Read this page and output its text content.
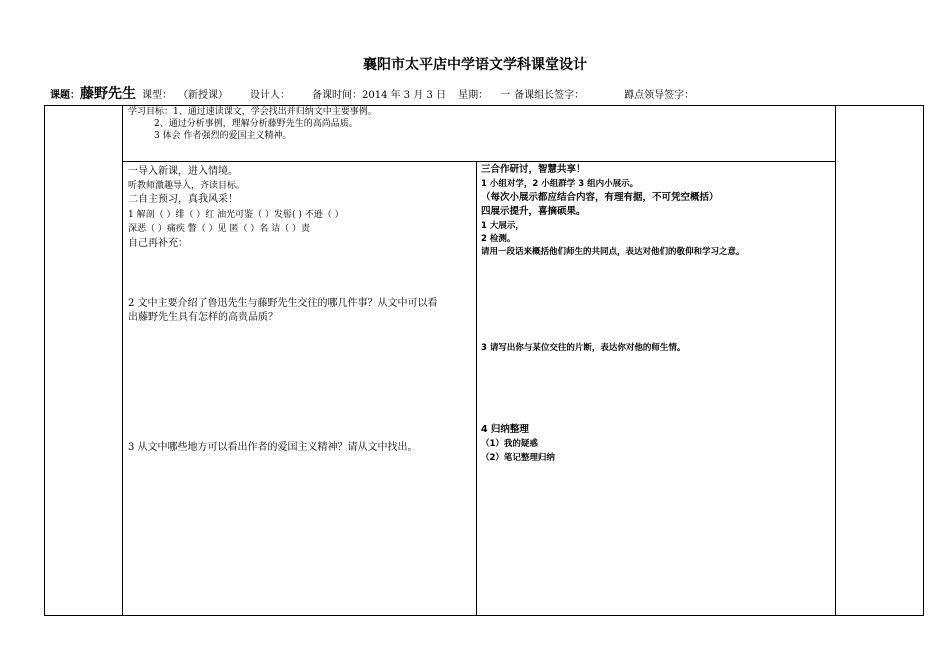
襄阳市太平店中学语文学科课堂设计
课题：藤野先生 课型： （新授课） 设计人： 备课时间：2014 年 3 月 3 日 星期： 一 备课组长签字：	蹲点领导签字：
学习目标：1、通过速读课文，学会找出并归纳文中主要事例。
2、通过分析事例，理解分析藤野先生的高尚品质。
3 体会 作者强烈的爱国主义精神。
一导入新课，进入情境。
听教师激趣导入，齐读目标。
二自主预习，真我风采！
1 解剖（ ）绯（ ）红 油光可鉴（ ）发髻( ) 不逊（ ）
深恶（ ）痛疾 瞥（ ）见 匿（ ）名 诘（ ）责
自己再补充：
2 文中主要介绍了鲁迅先生与藤野先生交往的哪几件事？从文中可以看
出藤野先生具有怎样的高贵品质？
3 从文中哪些地方可以看出作者的爱国主义精神？请从文中找出。
三合作研讨，智慧共享！
1 小组对学，2 小组群学 3 组内小展示。
（每次小展示都应结合内容，有理有据，不可凭空概括）
四展示提升，喜摘硕果。
1 大展示，
2 检测。
请用一段话来概括他们师生的共同点，表达对他们的敬仰和学习之意。
3 请写出你与某位交往的片断，表达你对他的师生情。
4 归纳整理
（1）我的疑惑
（2）笔记整理归纳
